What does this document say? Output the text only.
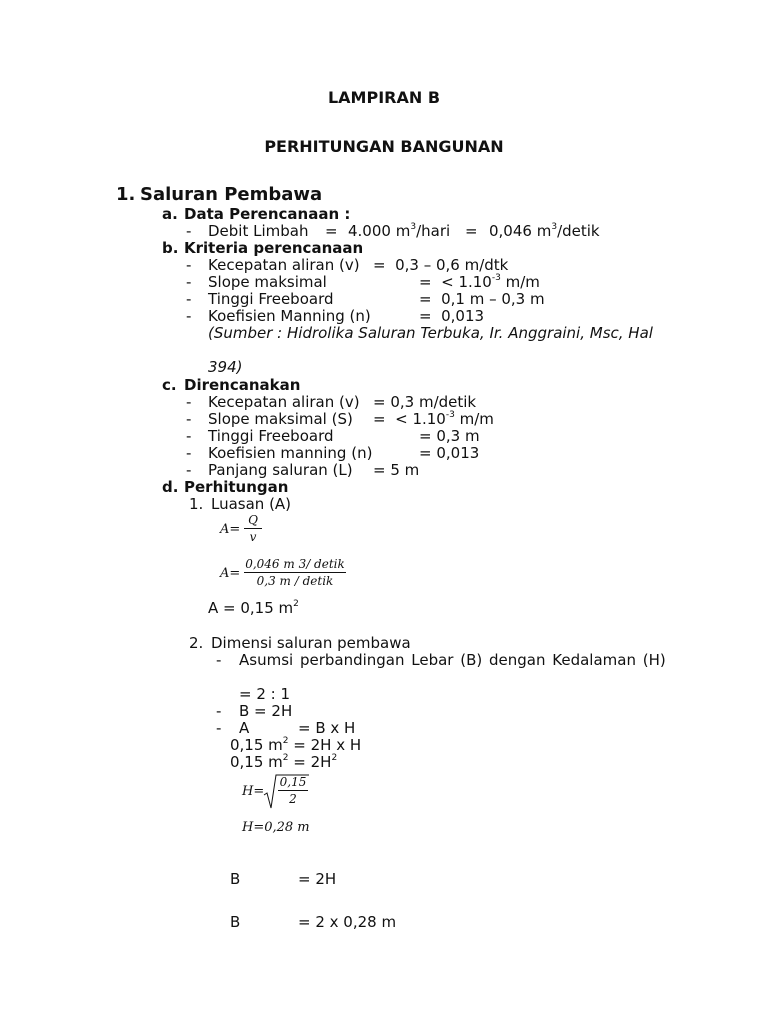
LAMPIRAN B
PERHITUNGAN BANGUNAN
1. Saluran Pembawa
a. Data Perencanaan :
- Debit Limbah = 4.000 $m^3$/hari = 0,046 $m^3$/detik
b. Kriteria perencanaan
- Kecepatan aliran (v) =  0,3 – 0,6 m/dtk
- Slope maksimal	=  < $1.10^{-3}$ m/m
- Tinggi Freeboard	=  0,1 m – 0,3 m
- Koefisien Manning (n)	=  0,013
(Sumber : Hidrolika Saluran Terbuka, Ir. Anggraini, Msc, Hal
394)
c. Direncanakan
- Kecepatan aliran (v) = 0,3 m/detik
- Slope maksimal (S) =  < $1.10^{-3}$ m/m
- Tinggi Freeboard	= 0,3 m
- Koefisien manning (n)	= 0,013
- Panjang saluran (L) = 5 m
d. Perhitungan
1. Luasan (A)
A=
Q
v
A=
0,046 m 3/ detik
0,3 m / detik
A = 0,15 $m^2$
2. Dimensi saluran pembawa
- Asumsi perbandingan Lebar (B) dengan Kedalaman (H)
= 2 : 1
- B = 2H
- A	= B x H
0,15 $m^2 = 2H$ x H
0,15 $m^2 = 2H^2$
H=
0,15
2
H=0,28 m
B	= 2H
B	= 2 x 0,28 m
